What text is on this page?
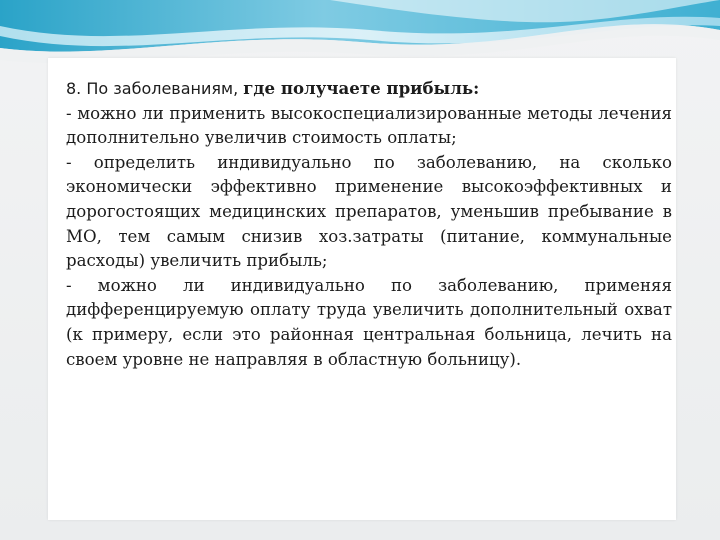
8. По заболеваниям, где получаете прибыль:

- можно ли применить высокоспециализированные методы лечения дополнительно увеличив стоимость оплаты;

- определить индивидуально по заболеванию, на сколько экономически эффективно применение высокоэффективных и дорогостоящих медицинских препаратов, уменьшив пребывание в МО, тем самым снизив хоз.затраты (питание, коммунальные расходы) увеличить прибыль;

- можно ли индивидуально по заболеванию, применяя дифференцируемую оплату труда увеличить дополнительный охват (к примеру, если это районная центральная больница, лечить на своем уровне не направляя в областную больницу).
